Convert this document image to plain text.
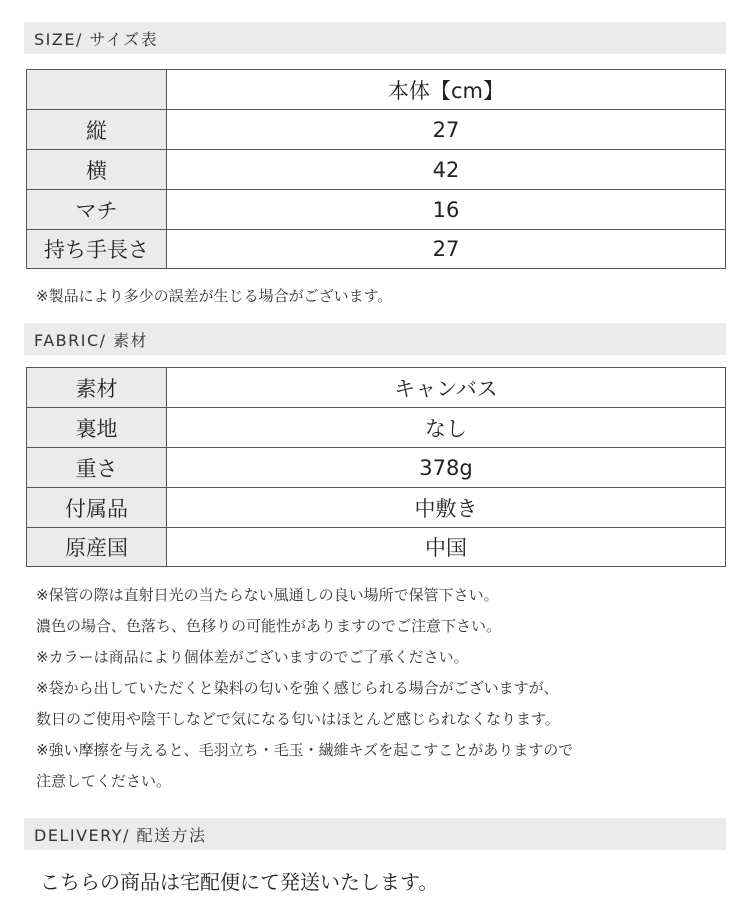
SIZE/ サイズ表
	本体【cm】
縦	27
横	42
マチ	16
持ち手長さ	27
※製品により多少の誤差が生じる場合がございます。
FABRIC/ 素材
素材	キャンバス
裏地	なし
重さ	378g
付属品	中敷き
原産国	中国

※保管の際は直射日光の当たらない風通しの良い場所で保管下さい。

濃色の場合、色落ち、色移りの可能性がありますのでご注意下さい。

※カラーは商品により個体差がございますのでご了承ください。

※袋から出していただくと染料の匂いを強く感じられる場合がございますが、

数日のご使用や陰干しなどで気になる匂いはほとんど感じられなくなります。

※強い摩擦を与えると、毛羽立ち・毛玉・繊維キズを起こすことがありますので

注意してください。

DELIVERY/ 配送方法
こちらの商品は宅配便にて発送いたします。
